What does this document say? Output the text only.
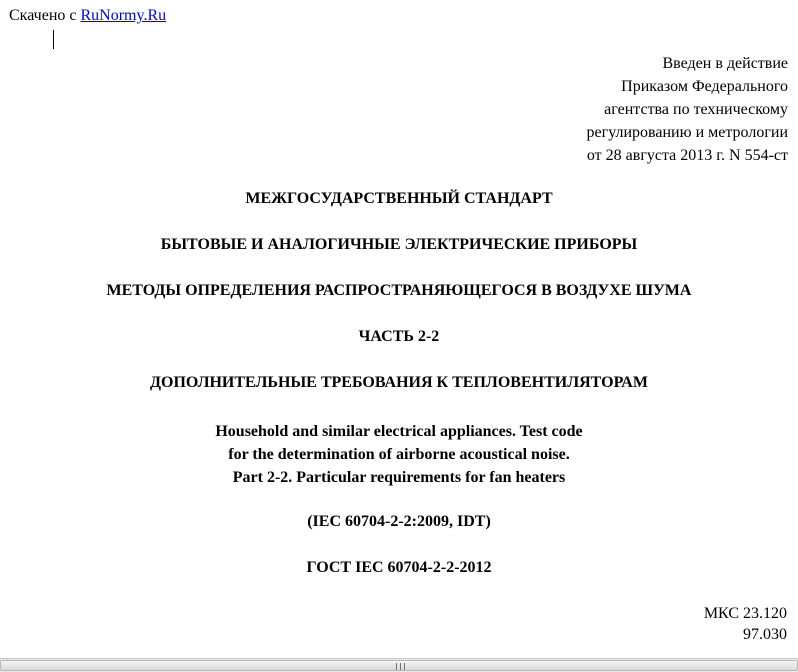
Скачено с RuNormy.Ru
Введен в действие
Приказом Федерального
агентства по техническому
регулированию и метрологии
от 28 августа 2013 г. N 554-ст
МЕЖГОСУДАРСТВЕННЫЙ СТАНДАРТ
БЫТОВЫЕ И АНАЛОГИЧНЫЕ ЭЛЕКТРИЧЕСКИЕ ПРИБОРЫ
МЕТОДЫ ОПРЕДЕЛЕНИЯ РАСПРОСТРАНЯЮЩЕГОСЯ В ВОЗДУХЕ ШУМА
ЧАСТЬ 2-2
ДОПОЛНИТЕЛЬНЫЕ ТРЕБОВАНИЯ К ТЕПЛОВЕНТИЛЯТОРАМ
Household and similar electrical appliances. Test code
for the determination of airborne acoustical noise.
Part 2-2. Particular requirements for fan heaters
(IEC 60704-2-2:2009, IDT)
ГОСТ IEC 60704-2-2-2012
МКС 23.120
97.030
